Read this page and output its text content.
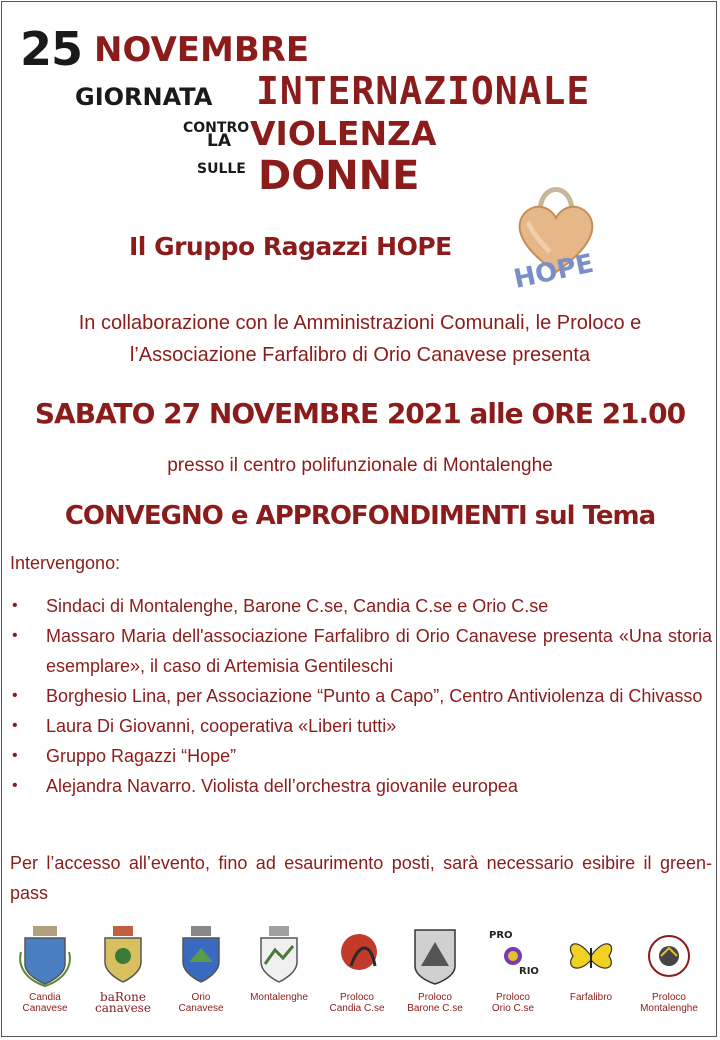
25 NOVEMBRE
GIORNATA INTERNAZIONALE
CONTRO
LA VIOLENZA
SULLE DONNE
Il Gruppo Ragazzi HOPE
HOPE
In collaborazione con le Amministrazioni Comunali, le Proloco e
l’Associazione Farfalibro di Orio Canavese presenta
SABATO 27 NOVEMBRE 2021 alle ORE 21.00
presso il centro polifunzionale di Montalenghe
CONVEGNO e APPROFONDIMENTI sul Tema
Intervengono:
• Sindaci di Montalenghe, Barone C.se, Candia C.se e Orio C.se
• Massaro Maria dell'associazione Farfalibro di Orio Canavese presenta «Una storia esemplare», il caso di Artemisia Gentileschi
• Borghesio Lina, per Associazione “Punto a Capo”, Centro Antiviolenza di Chivasso
• Laura Di Giovanni, cooperativa «Liberi tutti»
• Gruppo Ragazzi “Hope”
• Alejandra Navarro. Violista dell’orchestra giovanile europea
Per l’accesso all’evento, fino ad esaurimento posti, sarà necessario esibire il green-pass
Candia
Canavese
baRone
canavese
Orio
Canavese
Montalenghe	Proloco
Candia C.se
Proloco
Barone C.se
PRO
RIO
Proloco
Orio C.se
Farfalibro	Proloco
Montalenghe
